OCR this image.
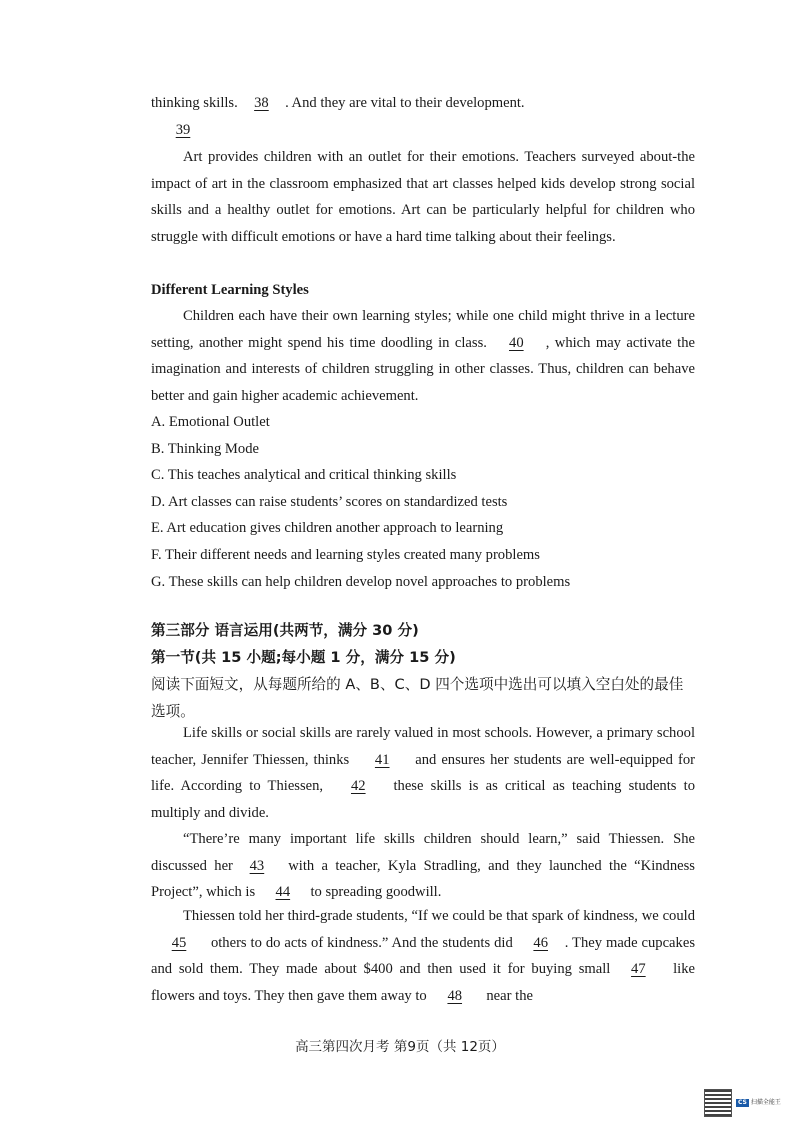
thinking skills. 38 . And they are vital to their development.
39

Art provides children with an outlet for their emotions. Teachers surveyed about-the impact of art in the classroom emphasized that art classes helped kids develop strong social skills and a healthy outlet for emotions. Art can be particularly helpful for children who struggle with difficult emotions or have a hard time talking about their feelings.

Different Learning Styles

Children each have their own learning styles; while one child might thrive in a lecture setting, another might spend his time doodling in class. 40 , which may activate the imagination and interests of children struggling in other classes. Thus, children can behave better and gain higher academic achievement.

A. Emotional Outlet
B. Thinking Mode
C. This teaches analytical and critical thinking skills
D. Art classes can raise students’ scores on standardized tests
E. Art education gives children another approach to learning
F. Their different needs and learning styles created many problems
G. These skills can help children develop novel approaches to problems
第三部分 语言运用(共两节，满分 30 分)
第一节(共 15 小题;每小题 1 分，满分 15 分)

阅读下面短文，从每题所给的 A、B、C、D 四个选项中选出可以填入空白处的最佳选项。

Life skills or social skills are rarely valued in most schools. However, a primary school teacher, Jennifer Thiessen, thinks 41 and ensures her students are well-equipped for life. According to Thiessen, 42 these skills is as critical as teaching students to multiply and divide.

“There’re many important life skills children should learn,” said Thiessen. She discussed her 43 with a teacher, Kyla Stradling, and they launched the “Kindness Project”, which is 44 to spreading goodwill.

Thiessen told her third-grade students, “If we could be that spark of kindness, we could 45 others to do acts of kindness.” And the students did 46 . They made cupcakes and sold them. They made about $400 and then used it for buying small 47 like flowers and toys. They then gave them away to 48 near the

高三第四次月考 第9页（共 12页）
CS 扫描全能王
